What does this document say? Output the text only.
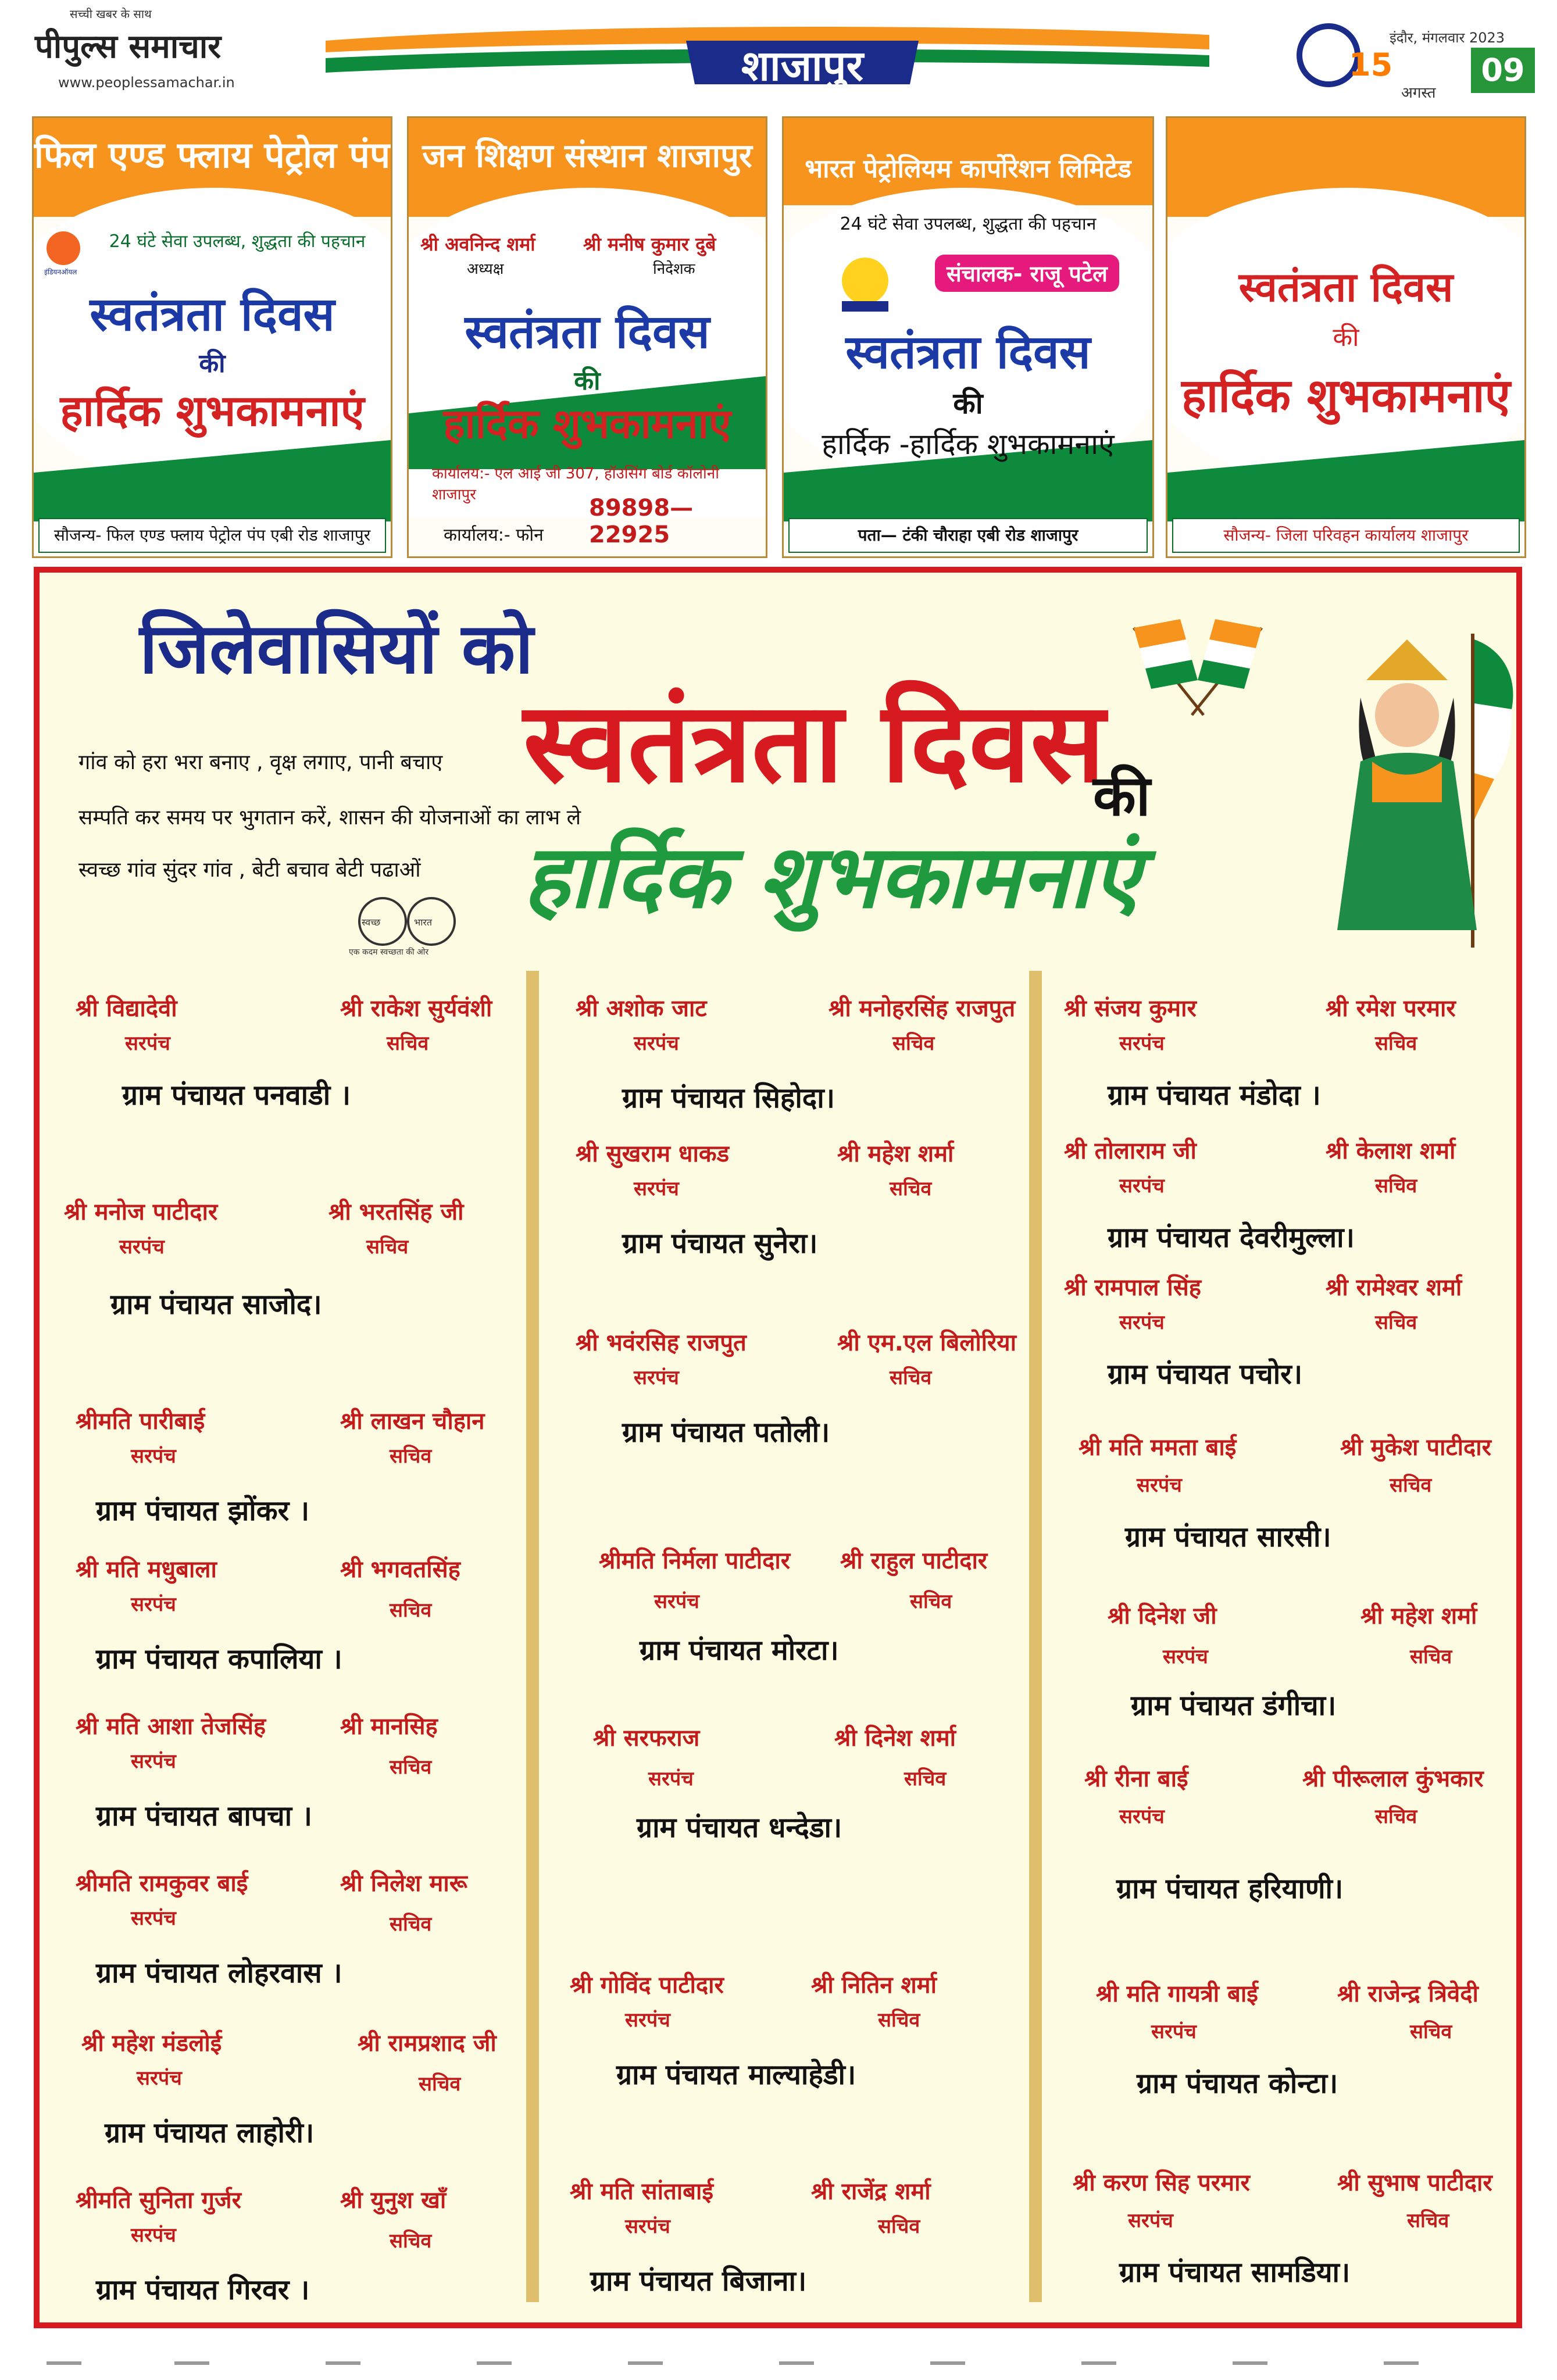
सच्ची खबर के साथ
पीपुल्स समाचार
www.peoplessamachar.in	शाजापुर
इंदौर, मंगलवार 2023
15
अगस्त
09
फिल एण्ड फ्लाय पेट्रोल पंप
इंडियनऑयल
24 घंटे सेवा उपलब्ध, शुद्धता की पहचान
स्वतंत्रता दिवस
की
हार्दिक शुभकामनाएं
सौजन्य- फिल एण्ड फ्लाय पेट्रोल पंप एबी रोड शाजापुर
जन शिक्षण संस्थान शाजापुर
श्री अवनिन्द शर्मा
अध्यक्ष
श्री मनीष कुमार दुबे
निदेशक
स्वतंत्रता दिवस
की
हार्दिक शुभकामनाएं
कार्यालय:- एल आई जी 307, हॉउसिंग बोर्ड कॉलोनी शाजापुर
कार्यालय:- फोन
89898—22925
भारत पेट्रोलियम कार्पोरेशन लिमिटेड
24 घंटे सेवा उपलब्ध, शुद्धता की पहचान
संचालक- राजू पटेल
स्वतंत्रता दिवस
की
हार्दिक -हार्दिक शुभकामनाएं
पता— टंकी चौराहा एबी रोड शाजापुर
स्वतंत्रता दिवस
की
हार्दिक शुभकामनाएं
सौजन्य- जिला परिवहन कार्यालय शाजापुर
जिलेवासियों को
स्वतंत्रता दिवस
की
हार्दिक शुभकामनाएं
गांव को हरा भरा बनाए , वृक्ष लगाए, पानी बचाए
सम्पति कर समय पर भुगतान करें, शासन की योजनाओं का लाभ ले
स्वच्छ गांव सुंदर गांव , बेटी बचाव बेटी पढाओं
स्वच्छ	भारत
एक कदम स्वच्छता की ओर
श्री विद्यादेवी
सरपंच
श्री राकेश सुर्यवंशी
सचिव
ग्राम पंचायत पनवाडी ।
श्री मनोज पाटीदार
सरपंच
श्री भरतसिंह जी
सचिव
ग्राम पंचायत साजोद।
श्रीमति पारीबाई
सरपंच
श्री लाखन चौहान
सचिव
ग्राम पंचायत झोंकर ।
श्री मति मधुबाला
सरपंच
श्री भगवतसिंह
सचिव
ग्राम पंचायत कपालिया ।
श्री मति आशा तेजसिंह
सरपंच
श्री मानसिह
सचिव
ग्राम पंचायत बापचा ।
श्रीमति रामकुवर बाई
सरपंच
श्री निलेश मारू
सचिव
ग्राम पंचायत लोहरवास ।
श्री महेश मंडलोई
सरपंच
श्री रामप्रशाद जी
सचिव
ग्राम पंचायत लाहोरी।
श्रीमति सुनिता गुर्जर
सरपंच
श्री युनुश खॉं
सचिव
ग्राम पंचायत गिरवर ।
श्री अशोक जाट
सरपंच
श्री मनोहरसिंह राजपुत
सचिव
ग्राम पंचायत सिहोदा।
श्री सुखराम धाकड
सरपंच
श्री महेश शर्मा
सचिव
ग्राम पंचायत सुनेरा।
श्री भवंरसिह राजपुत
सरपंच
श्री एम.एल बिलोरिया
सचिव
ग्राम पंचायत पतोली।
श्रीमति निर्मला पाटीदार
सरपंच
श्री राहुल पाटीदार
सचिव
ग्राम पंचायत मोरटा।
श्री सरफराज
सरपंच
श्री दिनेश शर्मा
सचिव
ग्राम पंचायत धन्देडा।
श्री गोविंद पाटीदार
सरपंच
श्री नितिन शर्मा
सचिव
ग्राम पंचायत माल्याहेडी।
श्री मति सांताबाई
सरपंच
श्री राजेंद्र शर्मा
सचिव
ग्राम पंचायत बिजाना।
श्री संजय कुमार
सरपंच
श्री रमेश परमार
सचिव
ग्राम पंचायत मंडोदा ।
श्री तोलाराम जी
सरपंच
श्री केलाश शर्मा
सचिव
ग्राम पंचायत देवरीमुल्ला।
श्री रामपाल सिंह
सरपंच
श्री रामेश्वर शर्मा
सचिव
ग्राम पंचायत पचोर।
श्री मति ममता बाई
सरपंच
श्री मुकेश पाटीदार
सचिव
ग्राम पंचायत सारसी।
श्री दिनेश जी
सरपंच
श्री महेश शर्मा
सचिव
ग्राम पंचायत डंगीचा।
श्री रीना बाई
सरपंच
श्री पीरूलाल कुंभकार
सचिव
ग्राम पंचायत हरियाणी।
श्री मति गायत्री बाई
सरपंच
श्री राजेन्द्र त्रिवेदी
सचिव
ग्राम पंचायत कोन्टा।
श्री करण सिह परमार
सरपंच
श्री सुभाष पाटीदार
सचिव
ग्राम पंचायत सामडिया।
